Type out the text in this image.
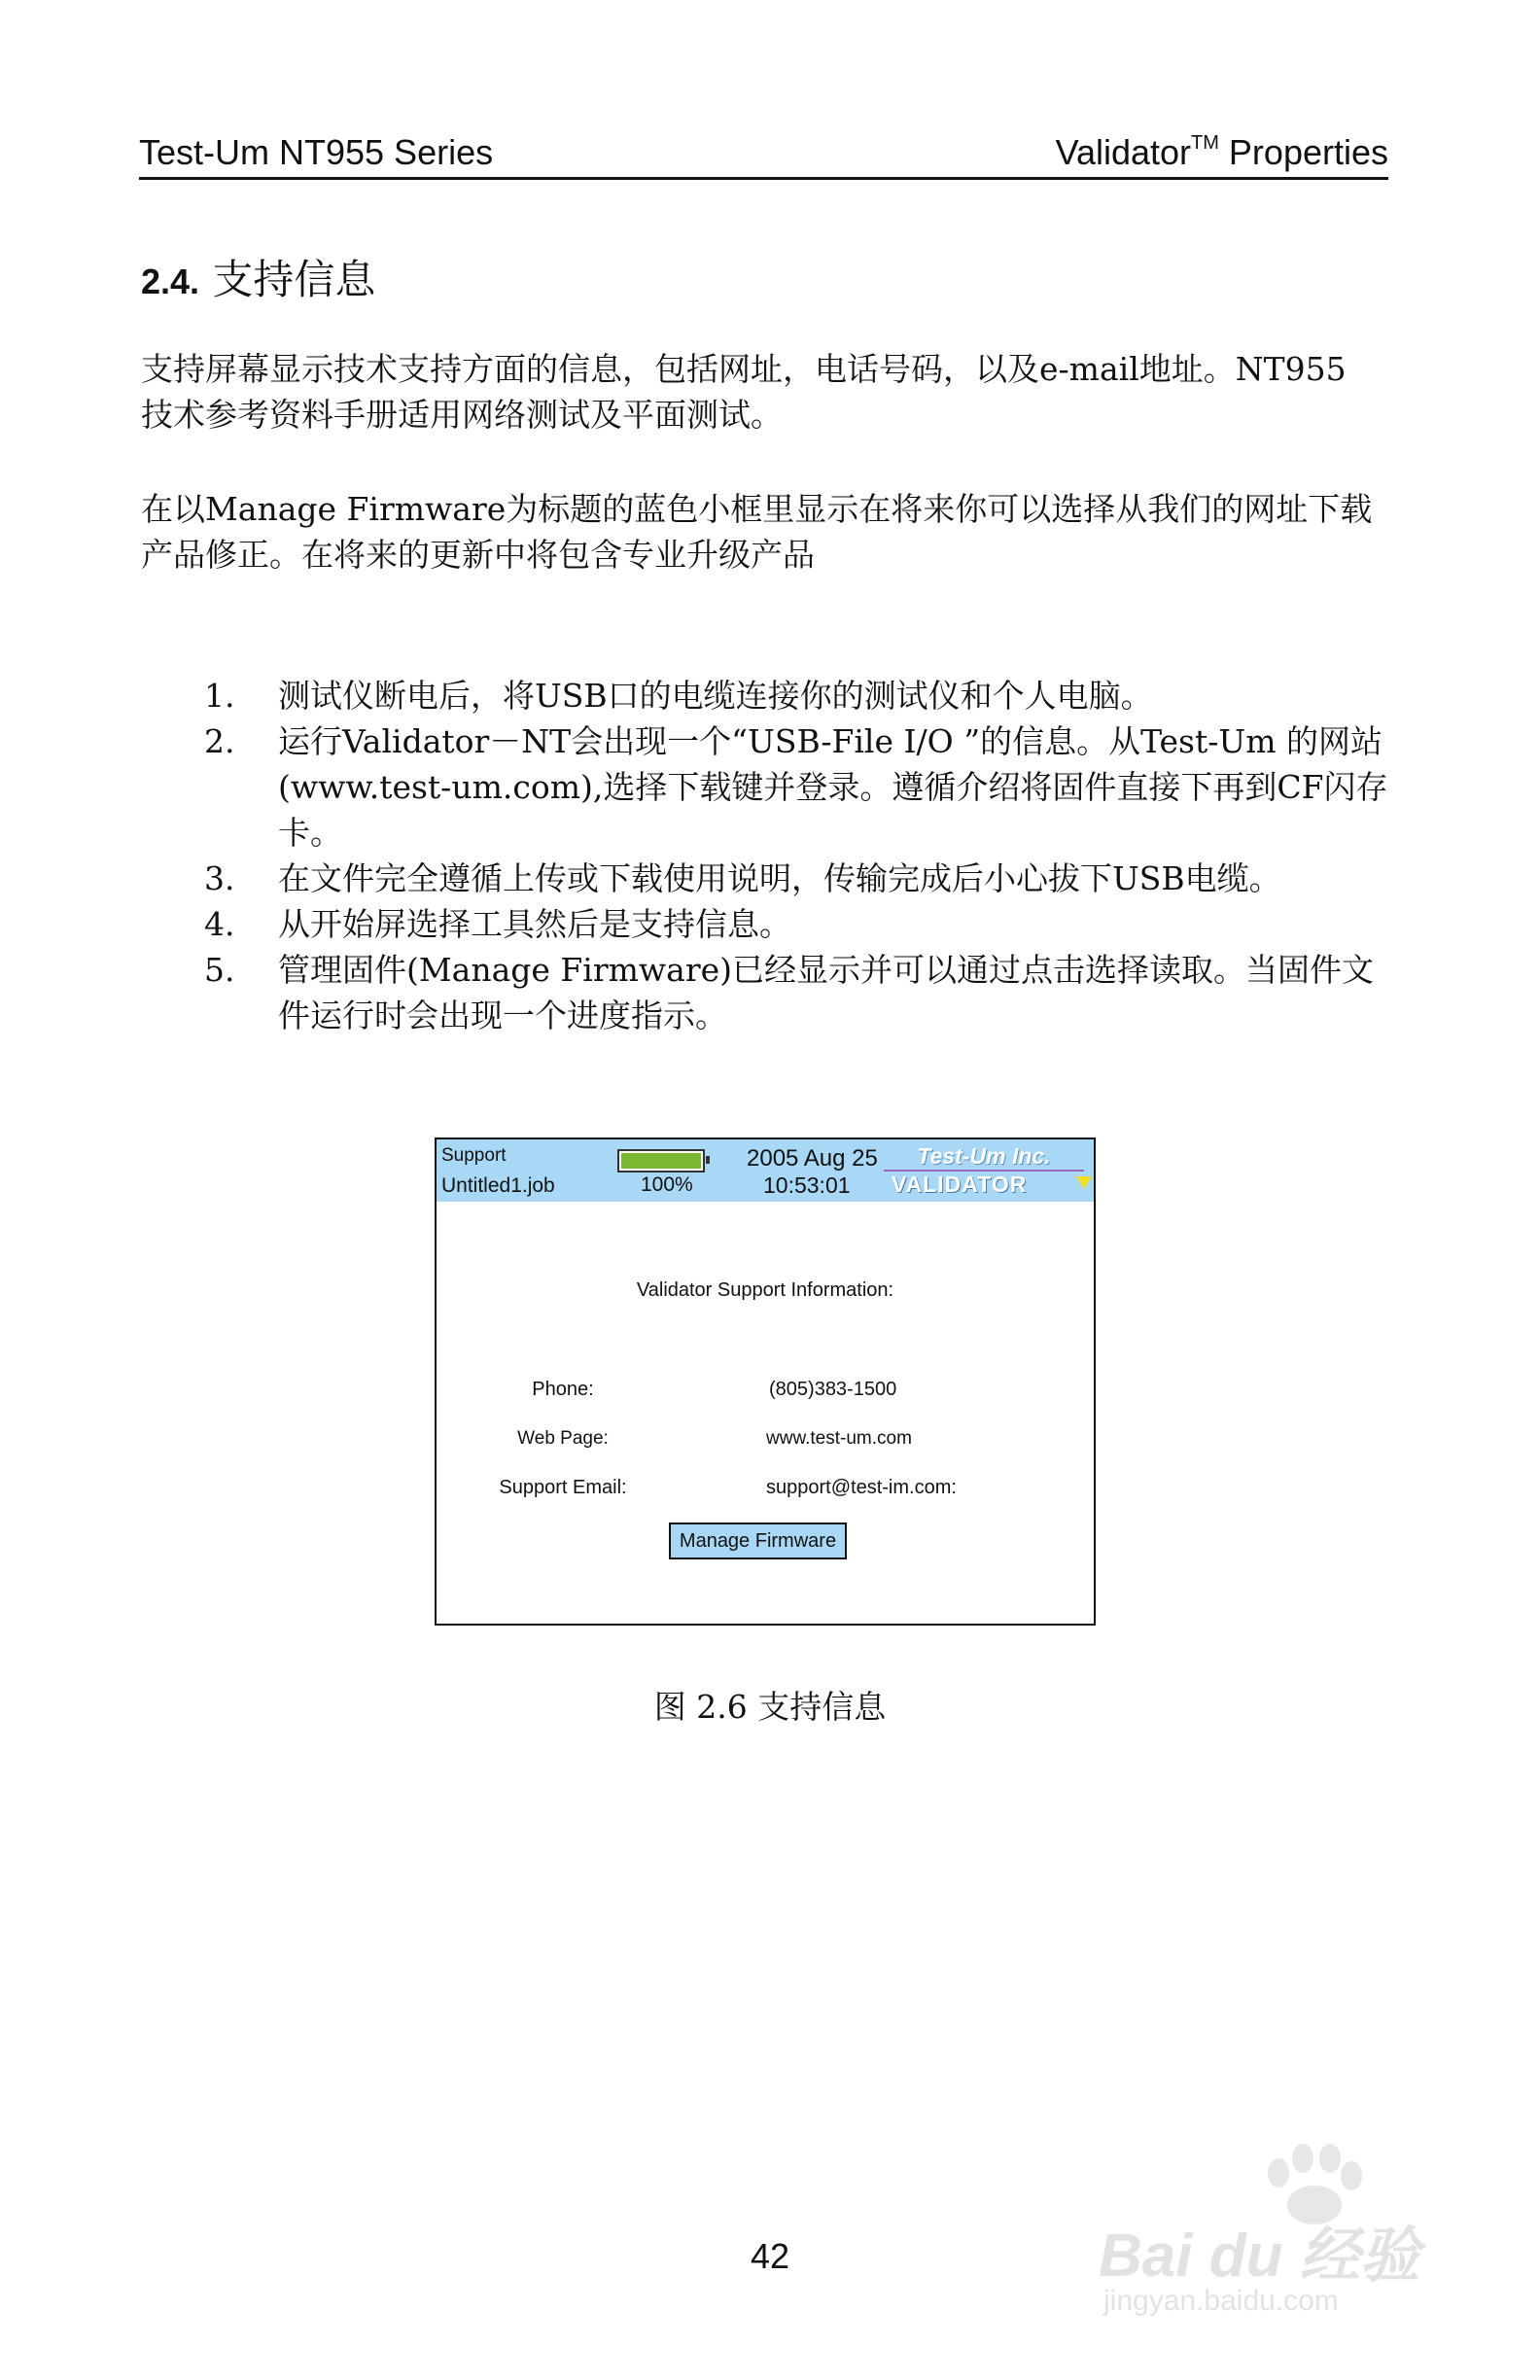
Test-Um NT955 Series	Validator™ Properties
2.4. 支持信息

支持屏幕显示技术支持方面的信息，包括网址，电话号码，以及e-mail地址。NT955技术参考资料手册适用网络测试及平面测试。

在以Manage Firmware为标题的蓝色小框里显示在将来你可以选择从我们的网址下载产品修正。在将来的更新中将包含专业升级产品

1. 测试仪断电后，将USB口的电缆连接你的测试仪和个人电脑。
2. 运行Validator－NT会出现一个“USB-File I/O ”的信息。从Test-Um 的网站(www.test-um.com),选择下载键并登录。遵循介绍将固件直接下再到CF闪存卡。
3. 在文件完全遵循上传或下载使用说明，传输完成后小心拔下USB电缆。
4. 从开始屏选择工具然后是支持信息。
5. 管理固件(Manage Firmware)已经显示并可以通过点击选择读取。当固件文件运行时会出现一个进度指示。
Support
Untitled1.job	100%
2005 Aug 25
10:53:01
Test-Um Inc.
VALIDATOR
Validator Support Information:
Phone:	(805)383-1500
Web Page:	www.test-um.com
Support Email:	support@test-im.com:
Manage Firmware
图 2.6 支持信息
42	Bai du 经验
jingyan.baidu.com
